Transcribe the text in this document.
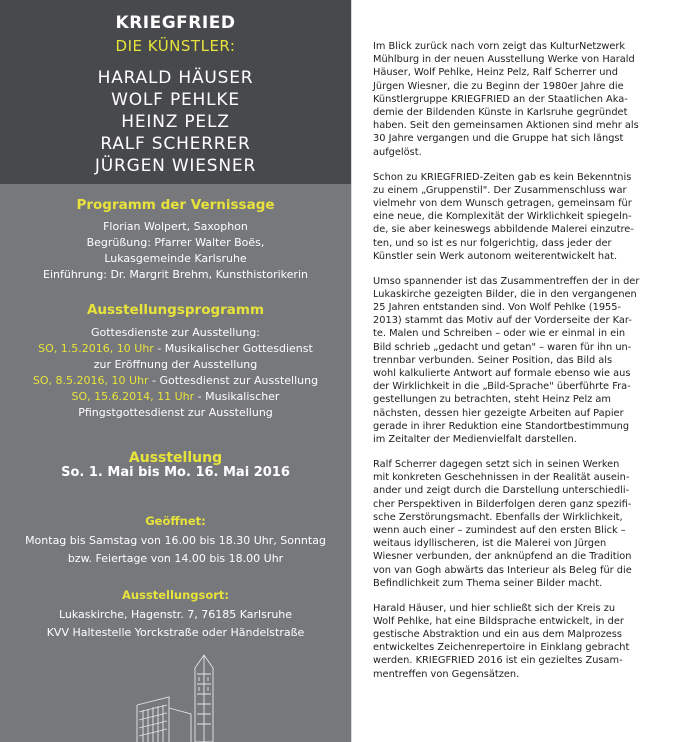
KRIEGFRIED
DIE KÜNSTLER:
HARALD HÄUSER
WOLF PEHLKE
HEINZ PELZ
RALF SCHERRER
JÜRGEN WIESNER
Programm der Vernissage
Florian Wolpert, Saxophon
Begrüßung: Pfarrer Walter Boës,
Lukasgemeinde Karlsruhe
Einführung: Dr. Margrit Brehm, Kunsthistorikerin
Ausstellungsprogramm
Gottesdienste zur Ausstellung:
SO, 1.5.2016, 10 Uhr - Musikalischer Gottesdienst
zur Eröffnung der Ausstellung
SO, 8.5.2016, 10 Uhr - Gottesdienst zur Ausstellung
SO, 15.6.2014, 11 Uhr - Musikalischer
Pfingstgottesdienst zur Ausstellung
Ausstellung
So. 1. Mai bis Mo. 16. Mai 2016
Geöffnet:
Montag bis Samstag von 16.00 bis 18.30 Uhr, Sonntag
bzw. Feiertage von 14.00 bis 18.00 Uhr
Ausstellungsort:
Lukaskirche, Hagenstr. 7, 76185 Karlsruhe
KVV Haltestelle Yorckstraße oder Händelstraße
Im Blick zurück nach vorn zeigt das KulturNetzwerk
Mühlburg in der neuen Ausstellung Werke von Harald
Häuser, Wolf Pehlke, Heinz Pelz, Ralf Scherrer und
Jürgen Wiesner, die zu Beginn der 1980er Jahre die
Künstlergruppe KRIEGFRIED an der Staatlichen Aka-
demie der Bildenden Künste in Karlsruhe gegründet
haben. Seit den gemeinsamen Aktionen sind mehr als
30 Jahre vergangen und die Gruppe hat sich längst
aufgelöst.
Schon zu KRIEGFRIED-Zeiten gab es kein Bekenntnis
zu einem „Gruppenstil". Der Zusammenschluss war
vielmehr von dem Wunsch getragen, gemeinsam für
eine neue, die Komplexität der Wirklichkeit spiegeln-
de, sie aber keineswegs abbildende Malerei einzutre-
ten, und so ist es nur folgerichtig, dass jeder der
Künstler sein Werk autonom weiterentwickelt hat.
Umso spannender ist das Zusammentreffen der in der
Lukaskirche gezeigten Bilder, die in den vergangenen
25 Jahren entstanden sind. Von Wolf Pehlke (1955-
2013) stammt das Motiv auf der Vorderseite der Kar-
te. Malen und Schreiben – oder wie er einmal in ein
Bild schrieb „gedacht und getan" – waren für ihn un-
trennbar verbunden. Seiner Position, das Bild als
wohl kalkulierte Antwort auf formale ebenso wie aus
der Wirklichkeit in die „Bild-Sprache" überführte Fra-
gestellungen zu betrachten, steht Heinz Pelz am
nächsten, dessen hier gezeigte Arbeiten auf Papier
gerade in ihrer Reduktion eine Standortbestimmung
im Zeitalter der Medienvielfalt darstellen.
Ralf Scherrer dagegen setzt sich in seinen Werken
mit konkreten Geschehnissen in der Realität ausein-
ander und zeigt durch die Darstellung unterschiedli-
cher Perspektiven in Bilderfolgen deren ganz spezifi-
sche Zerstörungsmacht. Ebenfalls der Wirklichkeit,
wenn auch einer – zumindest auf den ersten Blick –
weitaus idyllischeren, ist die Malerei von Jürgen
Wiesner verbunden, der anknüpfend an die Tradition
von van Gogh abwärts das Interieur als Beleg für die
Befindlichkeit zum Thema seiner Bilder macht.
Harald Häuser, und hier schließt sich der Kreis zu
Wolf Pehlke, hat eine Bildsprache entwickelt, in der
gestische Abstraktion und ein aus dem Malprozess
entwickeltes Zeichenrepertoire in Einklang gebracht
werden. KRIEGFRIED 2016 ist ein gezieltes Zusam-
mentreffen von Gegensätzen.
